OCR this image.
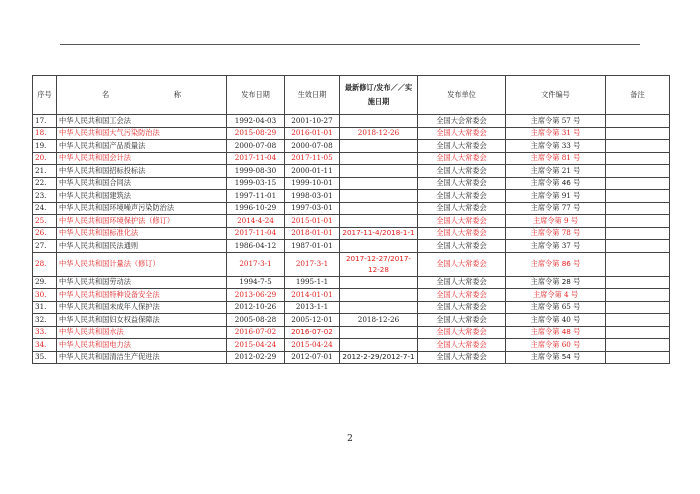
序号	名 称	发布日期	生效日期	最新修订/发布／／实施日期	发布单位	文件编号	备注
17.	中华人民共和国工会法	1992-04-03	2001-10-27		全国大会常委会	主席令第 57 号	
18.	中华人民共和国大气污染防治法	2015-08-29	2016-01-01	2018-12-26	全国人大常委会	主席令第 31 号	
19.	中华人民共和国产品质量法	2000-07-08	2000-07-08		全国人大常委会	主席令第 33 号	
20.	中华人民共和国会计法	2017-11-04	2017-11-05		全国人大常委会	主席令第 81 号	
21.	中华人民共和国招标投标法	1999-08-30	2000-01-11		全国人大常委会	主席令第 21 号	
22.	中华人民共和国合同法	1999-03-15	1999-10-01		全国人大常委会	主席令第 46 号	
23.	中华人民共和国建筑法	1997-11-01	1998-03-01		全国人大常委会	主席令第 91 号	
24.	中华人民共和国环境噪声污染防治法	1996-10-29	1997-03-01		全国人大常委会	主席令第 77 号	
25.	中华人民共和国环境保护法（修订）	2014-4-24	2015-01-01		全国人大常委会	主席令第 9 号	
26.	中华人民共和国标准化法	2017-11-04	2018-01-01	2017-11-4/2018-1-1	全国人大常委会	主席令第 78 号	
27.	中华人民共和国民法通则	1986-04-12	1987-01-01		全国人大常委会	主席令第 37 号	
28.	中华人民共和国计量法（修订）	2017-3-1	2017-3-1	2017-12-27/2017-12-28	全国人大常委会	主席令第 86 号	
29.	中华人民共和国劳动法	1994-7-5	1995-1-1		全国人大常委会	主席令第 28 号	
30.	中华人民共和国特种设备安全法	2013-06-29	2014-01-01		全国人大常委会	主席令第 4 号	
31.	中华人民共和国未成年人保护法	2012-10-26	2013-1-1		全国人大常委会	主席令第 65 号	
32.	中华人民共和国妇女权益保障法	2005-08-28	2005-12-01	2018-12-26	全国人大常委会	主席令第 40 号	
33.	中华人民共和国水法	2016-07-02	2016-07-02		全国人大常委会	主席令第 48 号	
34.	中华人民共和国电力法	2015-04-24	2015-04-24		全国人大常委会	主席令第 60 号	
35.	中华人民共和国清洁生产促进法	2012-02-29	2012-07-01	2012-2-29/2012-7-1	全国人大常委会	主席令第 54 号	
2
